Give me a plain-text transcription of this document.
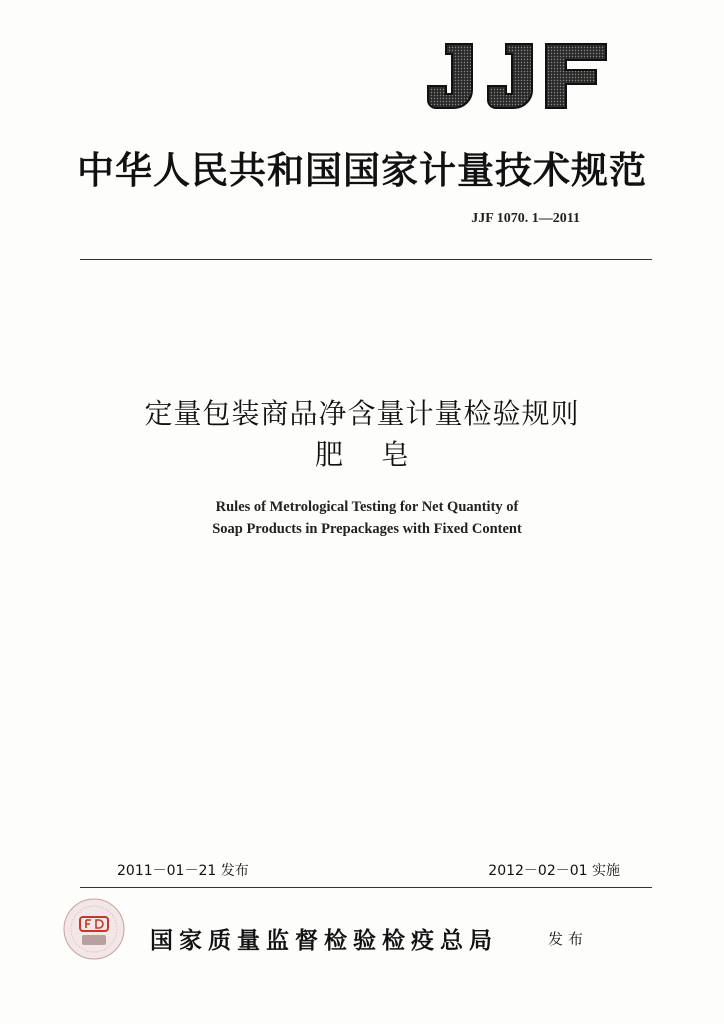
中华人民共和国国家计量技术规范
JJF 1070. 1—2011
定量包装商品净含量计量检验规则
肥皂
Rules of Metrological Testing for Net Quantity of
Soap Products in Prepackages with Fixed Content
2011－01－21 发布	2012－02－01 实施
国家质量监督检验检疫总局	发布
